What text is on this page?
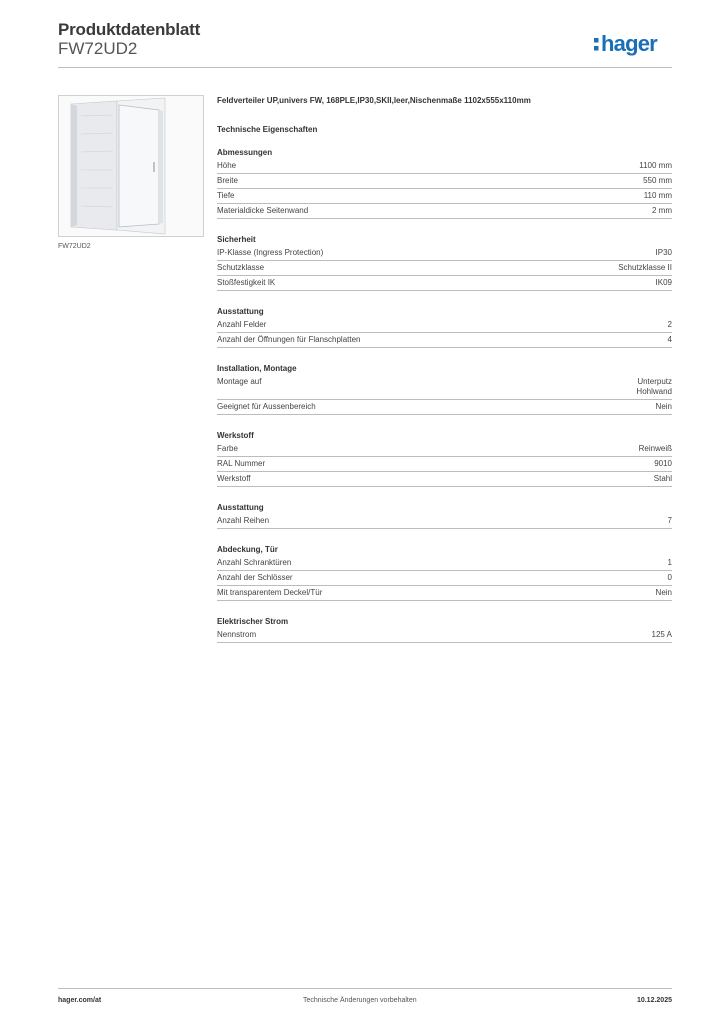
Produktdatenblatt
FW72UD2	hager
FW72UD2
Feldverteiler UP,univers FW, 168PLE,IP30,SKII,leer,Nischenmaße 1102x555x110mm
Technische Eigenschaften
Abmessungen
Höhe	1100 mm
Breite	550 mm
Tiefe	110 mm
Materialdicke Seitenwand	2 mm
Sicherheit
IP-Klasse (Ingress Protection)	IP30
Schutzklasse	Schutzklasse II
Stoßfestigkeit IK	IK09
Ausstattung
Anzahl Felder	2
Anzahl der Öffnungen für Flanschplatten	4
Installation, Montage
Montage auf	Unterputz
Hohlwand
Geeignet für Aussenbereich	Nein
Werkstoff
Farbe	Reinweiß
RAL Nummer	9010
Werkstoff	Stahl
Ausstattung
Anzahl Reihen	7
Abdeckung, Tür
Anzahl Schranktüren	1
Anzahl der Schlösser	0
Mit transparentem Deckel/Tür	Nein
Elektrischer Strom
Nennstrom	125 A
hager.com/at	Technische Änderungen vorbehalten	10.12.2025
